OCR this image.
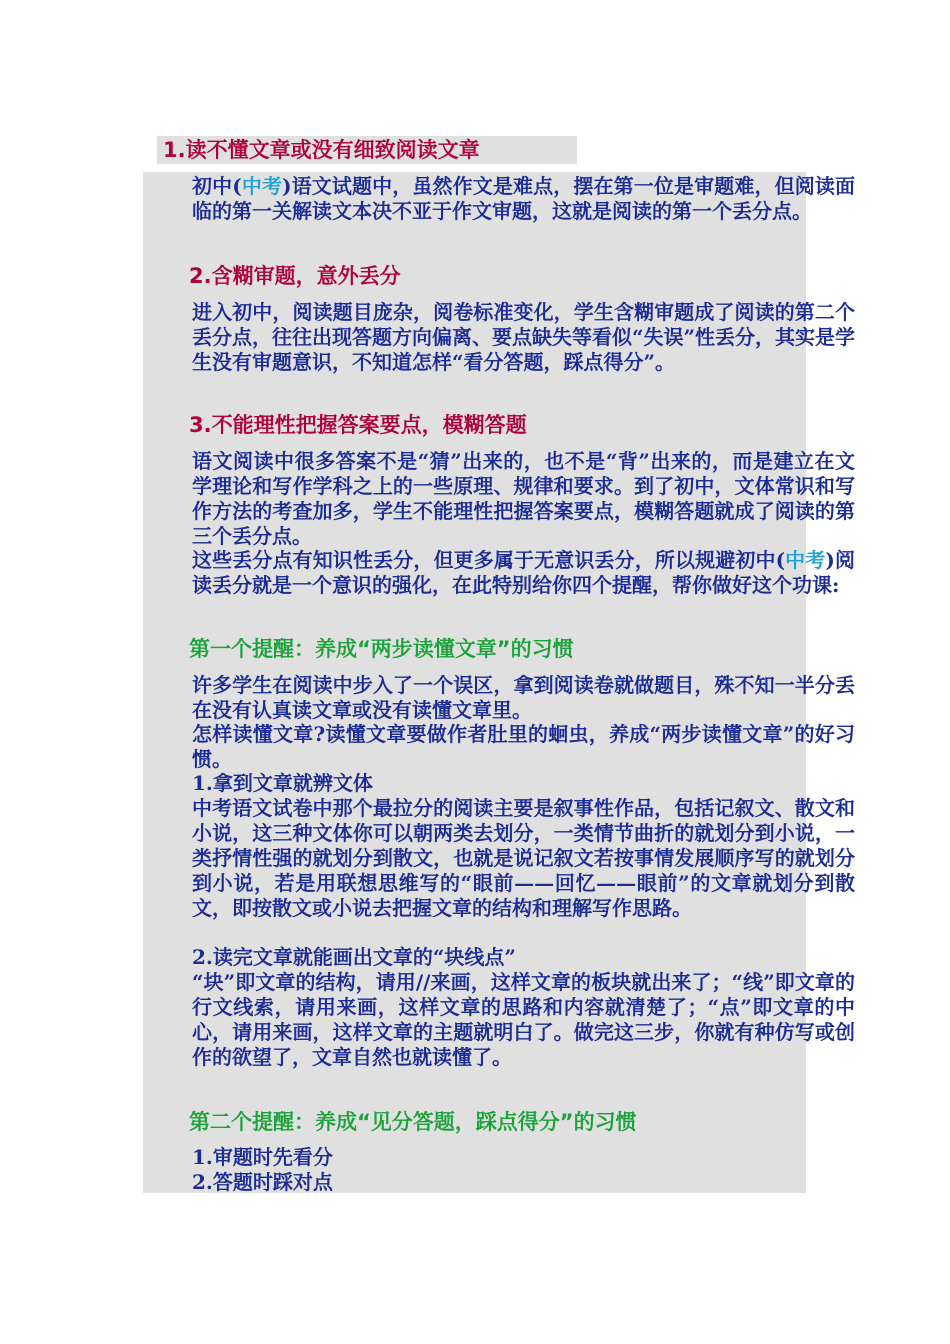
1.读不懂文章或没有细致阅读文章
初中(中考)语文试题中，虽然作文是难点，摆在第一位是审题难，但阅读面临的第一关解读文本决不亚于作文审题，这就是阅读的第一个丢分点。
2.含糊审题，意外丢分
进入初中，阅读题目庞杂，阅卷标准变化，学生含糊审题成了阅读的第二个丢分点，往往出现答题方向偏离、要点缺失等看似“失误”性丢分，其实是学生没有审题意识，不知道怎样“看分答题，踩点得分”。
3.不能理性把握答案要点，模糊答题
语文阅读中很多答案不是“猜”出来的，也不是“背”出来的，而是建立在文学理论和写作学科之上的一些原理、规律和要求。到了初中，文体常识和写作方法的考查加多，学生不能理性把握答案要点，模糊答题就成了阅读的第三个丢分点。
这些丢分点有知识性丢分，但更多属于无意识丢分，所以规避初中(中考)阅读丢分就是一个意识的强化，在此特别给你四个提醒，帮你做好这个功课:
第一个提醒：养成“两步读懂文章”的习惯
许多学生在阅读中步入了一个误区，拿到阅读卷就做题目，殊不知一半分丢在没有认真读文章或没有读懂文章里。
怎样读懂文章?读懂文章要做作者肚里的蛔虫，养成“两步读懂文章”的好习惯。
1.拿到文章就辨文体
中考语文试卷中那个最拉分的阅读主要是叙事性作品，包括记叙文、散文和小说，这三种文体你可以朝两类去划分，一类情节曲折的就划分到小说，一类抒情性强的就划分到散文，也就是说记叙文若按事情发展顺序写的就划分到小说，若是用联想思维写的“眼前——回忆——眼前”的文章就划分到散文，即按散文或小说去把握文章的结构和理解写作思路。
2.读完文章就能画出文章的“块线点”
“块”即文章的结构，请用//来画，这样文章的板块就出来了；“线”即文章的行文线索，请用来画，这样文章的思路和内容就清楚了；“点”即文章的中心，请用来画，这样文章的主题就明白了。做完这三步，你就有种仿写或创作的欲望了，文章自然也就读懂了。
第二个提醒：养成“见分答题，踩点得分”的习惯
1.审题时先看分
2.答题时踩对点
